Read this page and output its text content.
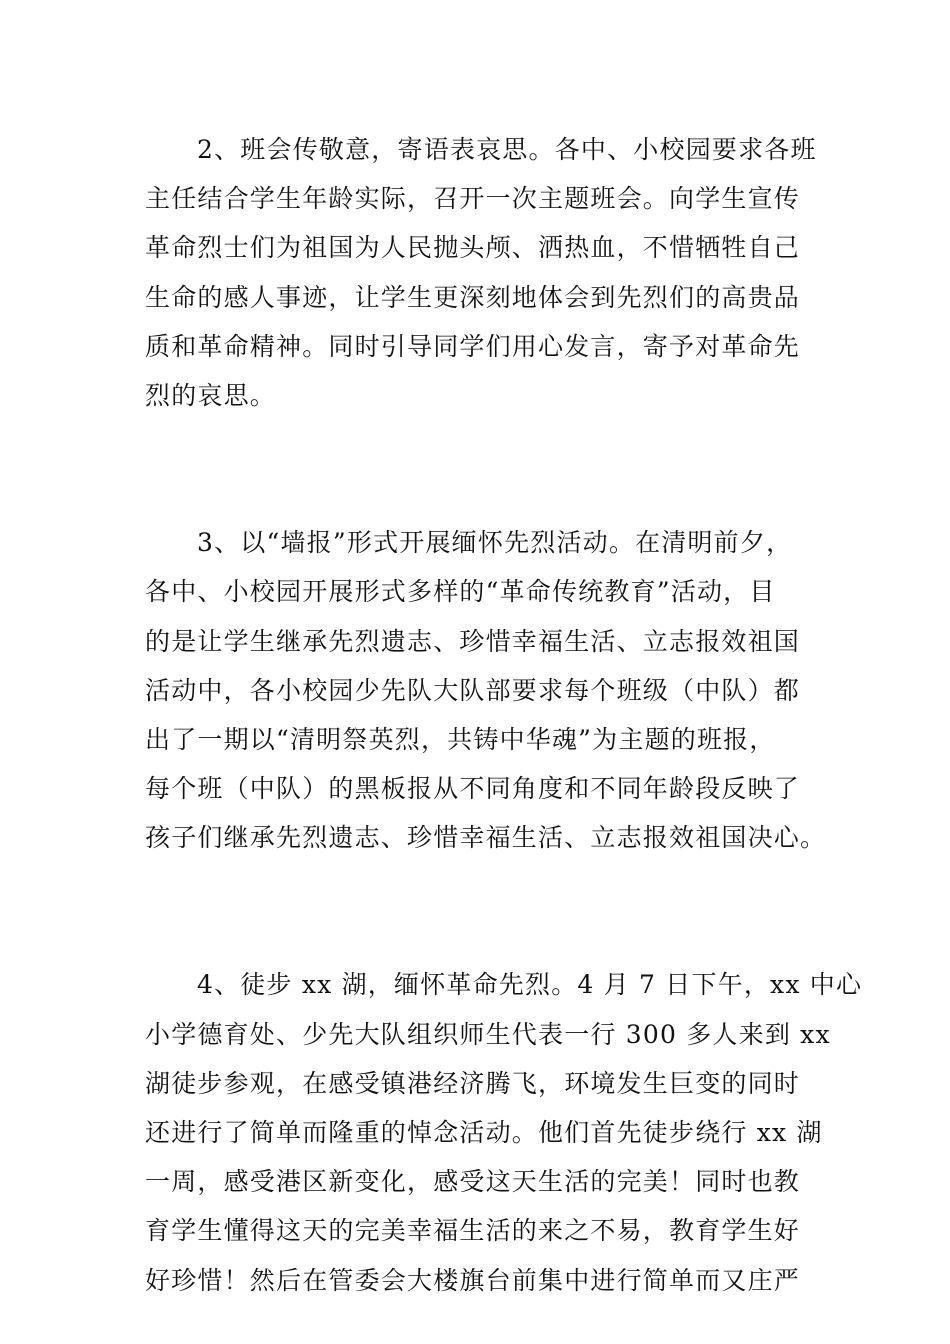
2、班会传敬意，寄语表哀思。各中、小校园要求各班
主任结合学生年龄实际，召开一次主题班会。向学生宣传
革命烈士们为祖国为人民抛头颅、洒热血，不惜牺牲自己
生命的感人事迹，让学生更深刻地体会到先烈们的高贵品
质和革命精神。同时引导同学们用心发言，寄予对革命先
烈的哀思。
3、以“墙报”形式开展缅怀先烈活动。在清明前夕，
各中、小校园开展形式多样的“革命传统教育”活动，目
的是让学生继承先烈遗志、珍惜幸福生活、立志报效祖国
活动中，各小校园少先队大队部要求每个班级（中队）都
出了一期以“清明祭英烈，共铸中华魂”为主题的班报，
每个班（中队）的黑板报从不同角度和不同年龄段反映了
孩子们继承先烈遗志、珍惜幸福生活、立志报效祖国决心。
4、徒步 xx 湖，缅怀革命先烈。4 月 7 日下午，xx 中心
小学德育处、少先大队组织师生代表一行 300 多人来到 xx
湖徒步参观，在感受镇港经济腾飞，环境发生巨变的同时
还进行了简单而隆重的悼念活动。他们首先徒步绕行 xx 湖
一周，感受港区新变化，感受这天生活的完美！同时也教
育学生懂得这天的完美幸福生活的来之不易，教育学生好
好珍惜！然后在管委会大楼旗台前集中进行简单而又庄严
